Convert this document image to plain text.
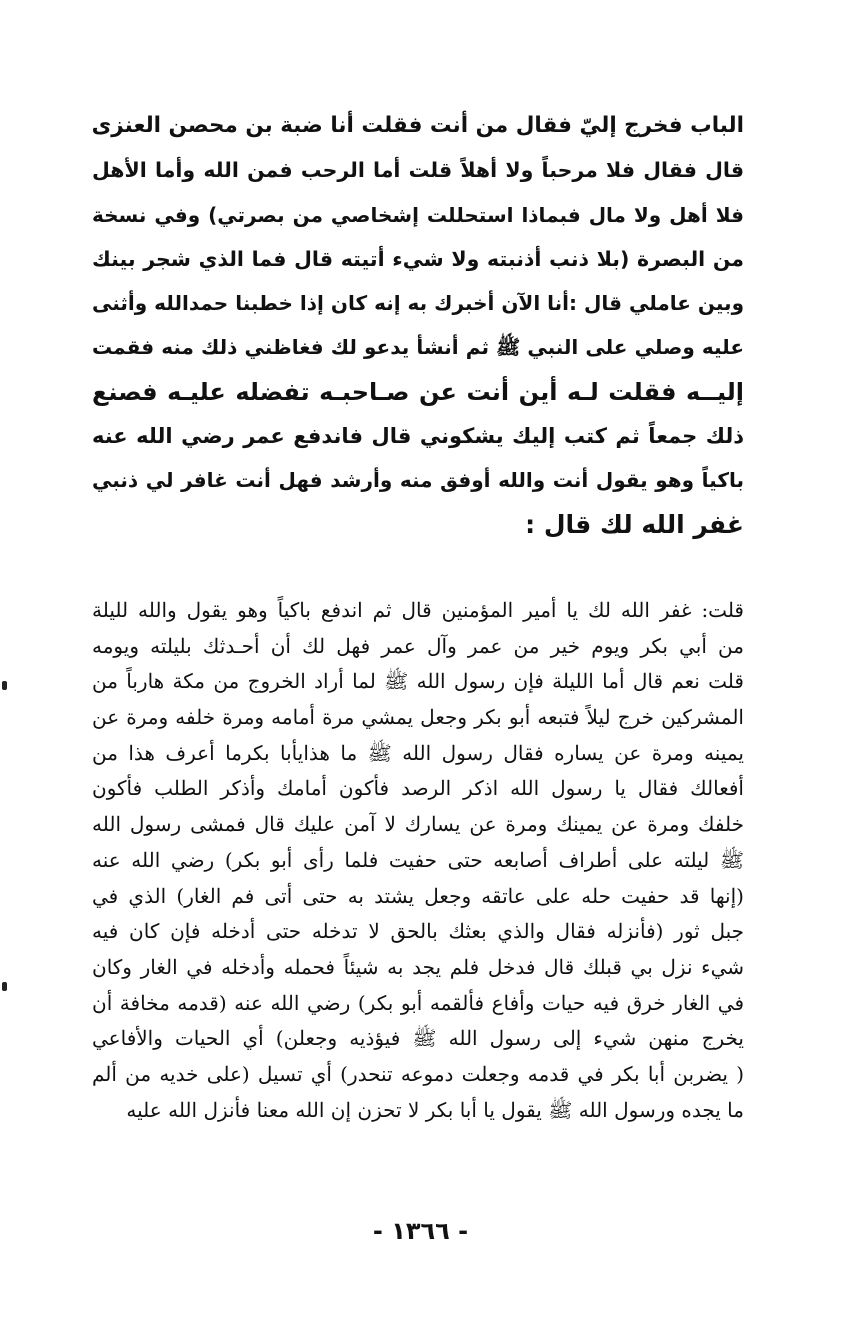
الباب فخرج إليّ فقال من أنت فقلت أنا ضبة بن محصن العنزى
قال فقال فلا مرحباً ولا أهلاً قلت أما الرحب فمن الله وأما الأهل
فلا أهل ولا مال فبماذا استحللت إشخاصي من بصرتي) وفي نسخة
من البصرة (بلا ذنب أذنبته ولا شيء أتيته قال فما الذي شجر بينك
وبين عاملي قال :أنا الآن أخبرك به إنه كان إذا خطبنا حمدالله وأثنى
عليه وصلي على النبي ﷺ ثم أنشأ يدعو لك فغاظني ذلك منه فقمت
إليــه فقلت لـه أين أنت عن صـاحبـه تفضله عليـه فصنع
ذلك جمعاً ثم كتب إليك يشكوني قال فاندفع عمر رضي الله عنه
باكياً وهو يقول أنت والله أوفق منه وأرشد فهل أنت غافر لي ذنبي
غفر الله لك قال :
قلت: غفر الله لك يا أمير المؤمنين قال ثم اندفع باكياً وهو يقول والله لليلة
من أبي بكر ويوم خير من عمر وآل عمر فهل لك أن أحـدثك بليلته ويومه
قلت نعم قال أما الليلة فإن رسول الله ﷺ لما أراد الخروج من مكة هارباً من
المشركين خرج ليلاً فتبعه أبو بكر وجعل يمشي مرة أمامه ومرة خلفه ومرة عن
يمينه ومرة عن يساره فقال رسول الله ﷺ ما هذايأبا بكرما أعرف هذا من
أفعالك فقال يا رسول الله اذكر الرصد فأكون أمامك وأذكر الطلب فأكون
خلفك ومرة عن يمينك ومرة عن يسارك لا آمن عليك قال فمشى رسول الله
ﷺ ليلته على أطراف أصابعه حتى حفيت فلما رأى أبو بكر) رضي الله عنه
(إنها قد حفيت حله على عاتقه وجعل يشتد به حتى أتى فم الغار) الذي في
جبل ثور (فأنزله فقال والذي بعثك بالحق لا تدخله حتى أدخله فإن كان فيه
شيء نزل بي قبلك قال فدخل فلم يجد به شيئاً فحمله وأدخله في الغار وكان
في الغار خرق فيه حيات وأفاع فألقمه أبو بكر) رضي الله عنه (قدمه مخافة أن
يخرج منهن شيء إلى رسول الله ﷺ فيؤذيه وجعلن) أي الحيات والأفاعي
( يضربن أبا بكر في قدمه وجعلت دموعه تنحدر) أي تسيل (على خديه من ألم
ما يجده ورسول الله ﷺ يقول يا أبا بكر لا تحزن إن الله معنا فأنزل الله عليه
- ١٣٦٦ -
